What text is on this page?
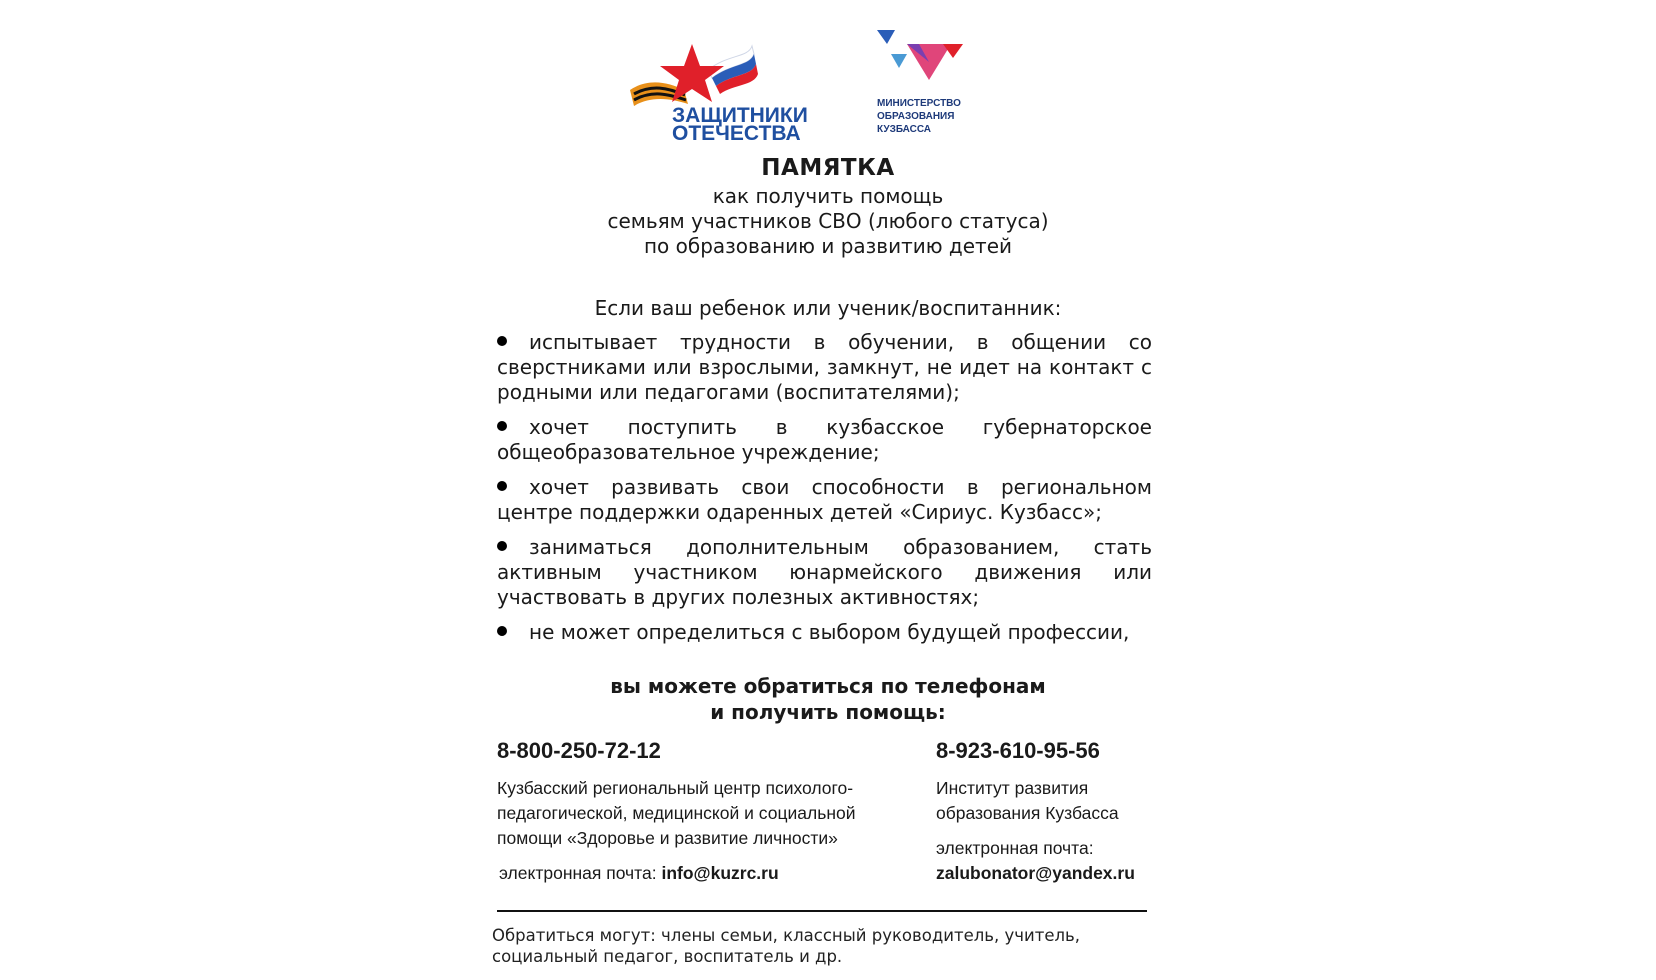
ЗАЩИТНИКИ
ОТЕЧЕСТВА
МИНИСТЕРСТВО
ОБРАЗОВАНИЯ
КУЗБАССА
ПАМЯТКА
как получить помощь
семьям участников СВО (любого статуса)
по образованию и развитию детей
Если ваш ребенок или ученик/воспитанник:
испытывает трудности в обучении, в общении со сверстниками или взрослыми, замкнут, не идет на контакт с родными или педагогами (воспитателями);
хочет поступить в кузбасское губернаторское общеобразовательное учреждение;
хочет развивать свои способности в региональном центре поддержки одаренных детей «Сириус. Кузбасс»;
заниматься дополнительным образованием, стать активным участником юнармейского движения или участвовать в других полезных активностях;
не может определиться с выбором будущей профессии,
вы можете обратиться по телефонам
и получить помощь:
8-800-250-72-12
Кузбасский региональный центр психолого-
педагогической, медицинской и социальной
помощи «Здоровье и развитие личности»
электронная почта: info@kuzrc.ru
8-923-610-95-56
Институт развития
образования Кузбасса
электронная почта:
zalubonator@yandex.ru
Обратиться могут: члены семьи, классный руководитель, учитель,
социальный педагог, воспитатель и др.
